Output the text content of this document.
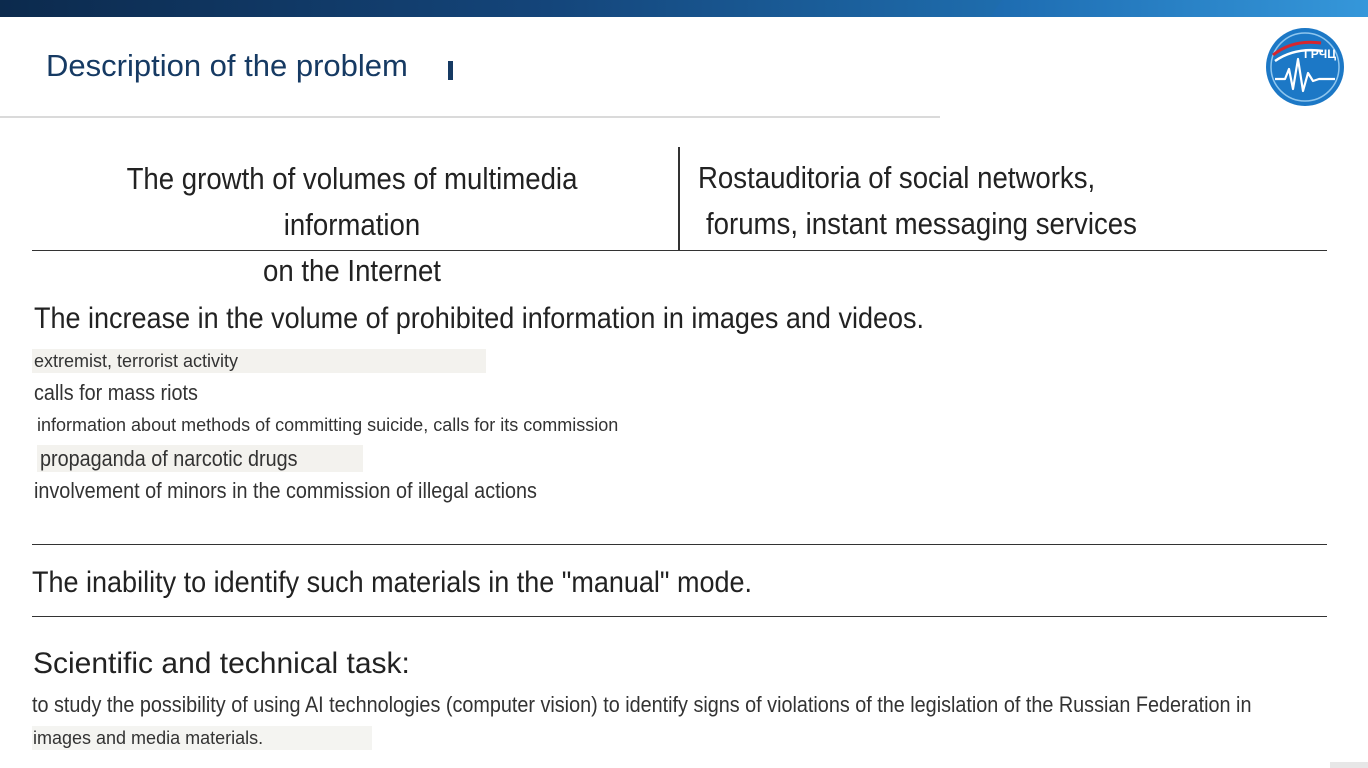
Description of the problem	ГРЧЦ
The growth of volumes of multimedia information
on the Internet
Rostauditoria of social networks,
forums, instant messaging services
The increase in the volume of prohibited information in images and videos.
extremist, terrorist activity
calls for mass riots
information about methods of committing suicide, calls for its commission
propaganda of narcotic drugs
involvement of minors in the commission of illegal actions
The inability to identify such materials in the "manual" mode.
Scientific and technical task:
to study the possibility of using AI technologies (computer vision) to identify signs of violations of the legislation of the Russian Federation in
images and media materials.
